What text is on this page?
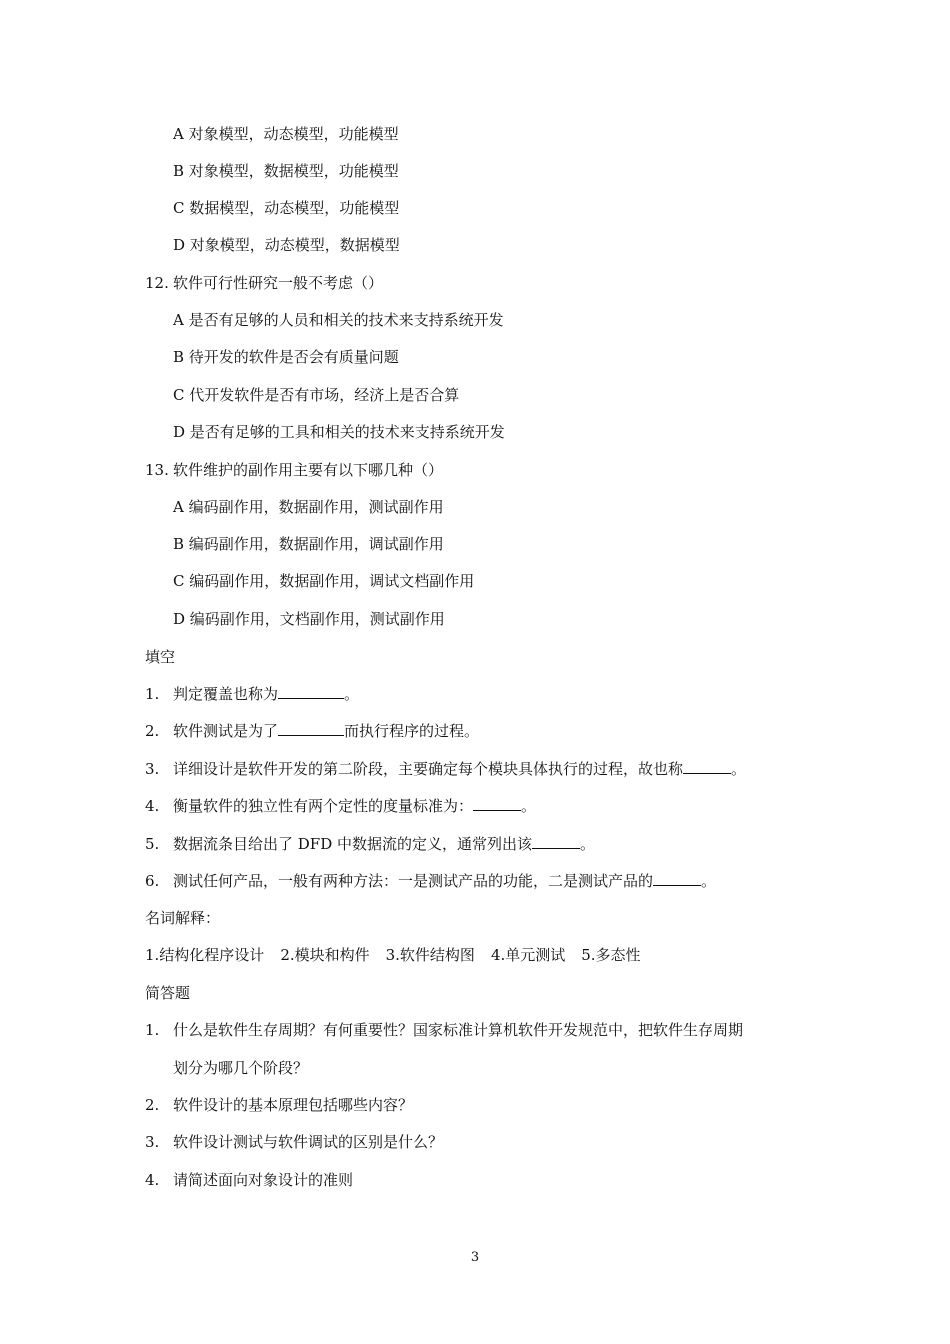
A 对象模型，动态模型，功能模型
B 对象模型，数据模型，功能模型
C 数据模型，动态模型，功能模型
D 对象模型，动态模型，数据模型
12. 软件可行性研究一般不考虑（）
A 是否有足够的人员和相关的技术来支持系统开发
B 待开发的软件是否会有质量问题
C 代开发软件是否有市场，经济上是否合算
D 是否有足够的工具和相关的技术来支持系统开发
13. 软件维护的副作用主要有以下哪几种（）
A 编码副作用，数据副作用，测试副作用
B 编码副作用，数据副作用，调试副作用
C 编码副作用，数据副作用，调试文档副作用
D 编码副作用，文档副作用，测试副作用
填空
1. 判定覆盖也称为	。
2. 软件测试是为了	而执行程序的过程。
3. 详细设计是软件开发的第二阶段，主要确定每个模块具体执行的过程，故也称	。
4. 衡量软件的独立性有两个定性的度量标准为：	。
5. 数据流条目给出了 DFD 中数据流的定义，通常列出该	。
6. 测试任何产品，一般有两种方法：一是测试产品的功能，二是测试产品的	。
名词解释：
1.结构化程序设计 2.模块和构件 3.软件结构图 4.单元测试 5.多态性
简答题
1. 什么是软件生存周期？有何重要性？国家标准计算机软件开发规范中，把软件生存周期
划分为哪几个阶段？
2. 软件设计的基本原理包括哪些内容？
3. 软件设计测试与软件调试的区别是什么？
4. 请简述面向对象设计的准则
3
